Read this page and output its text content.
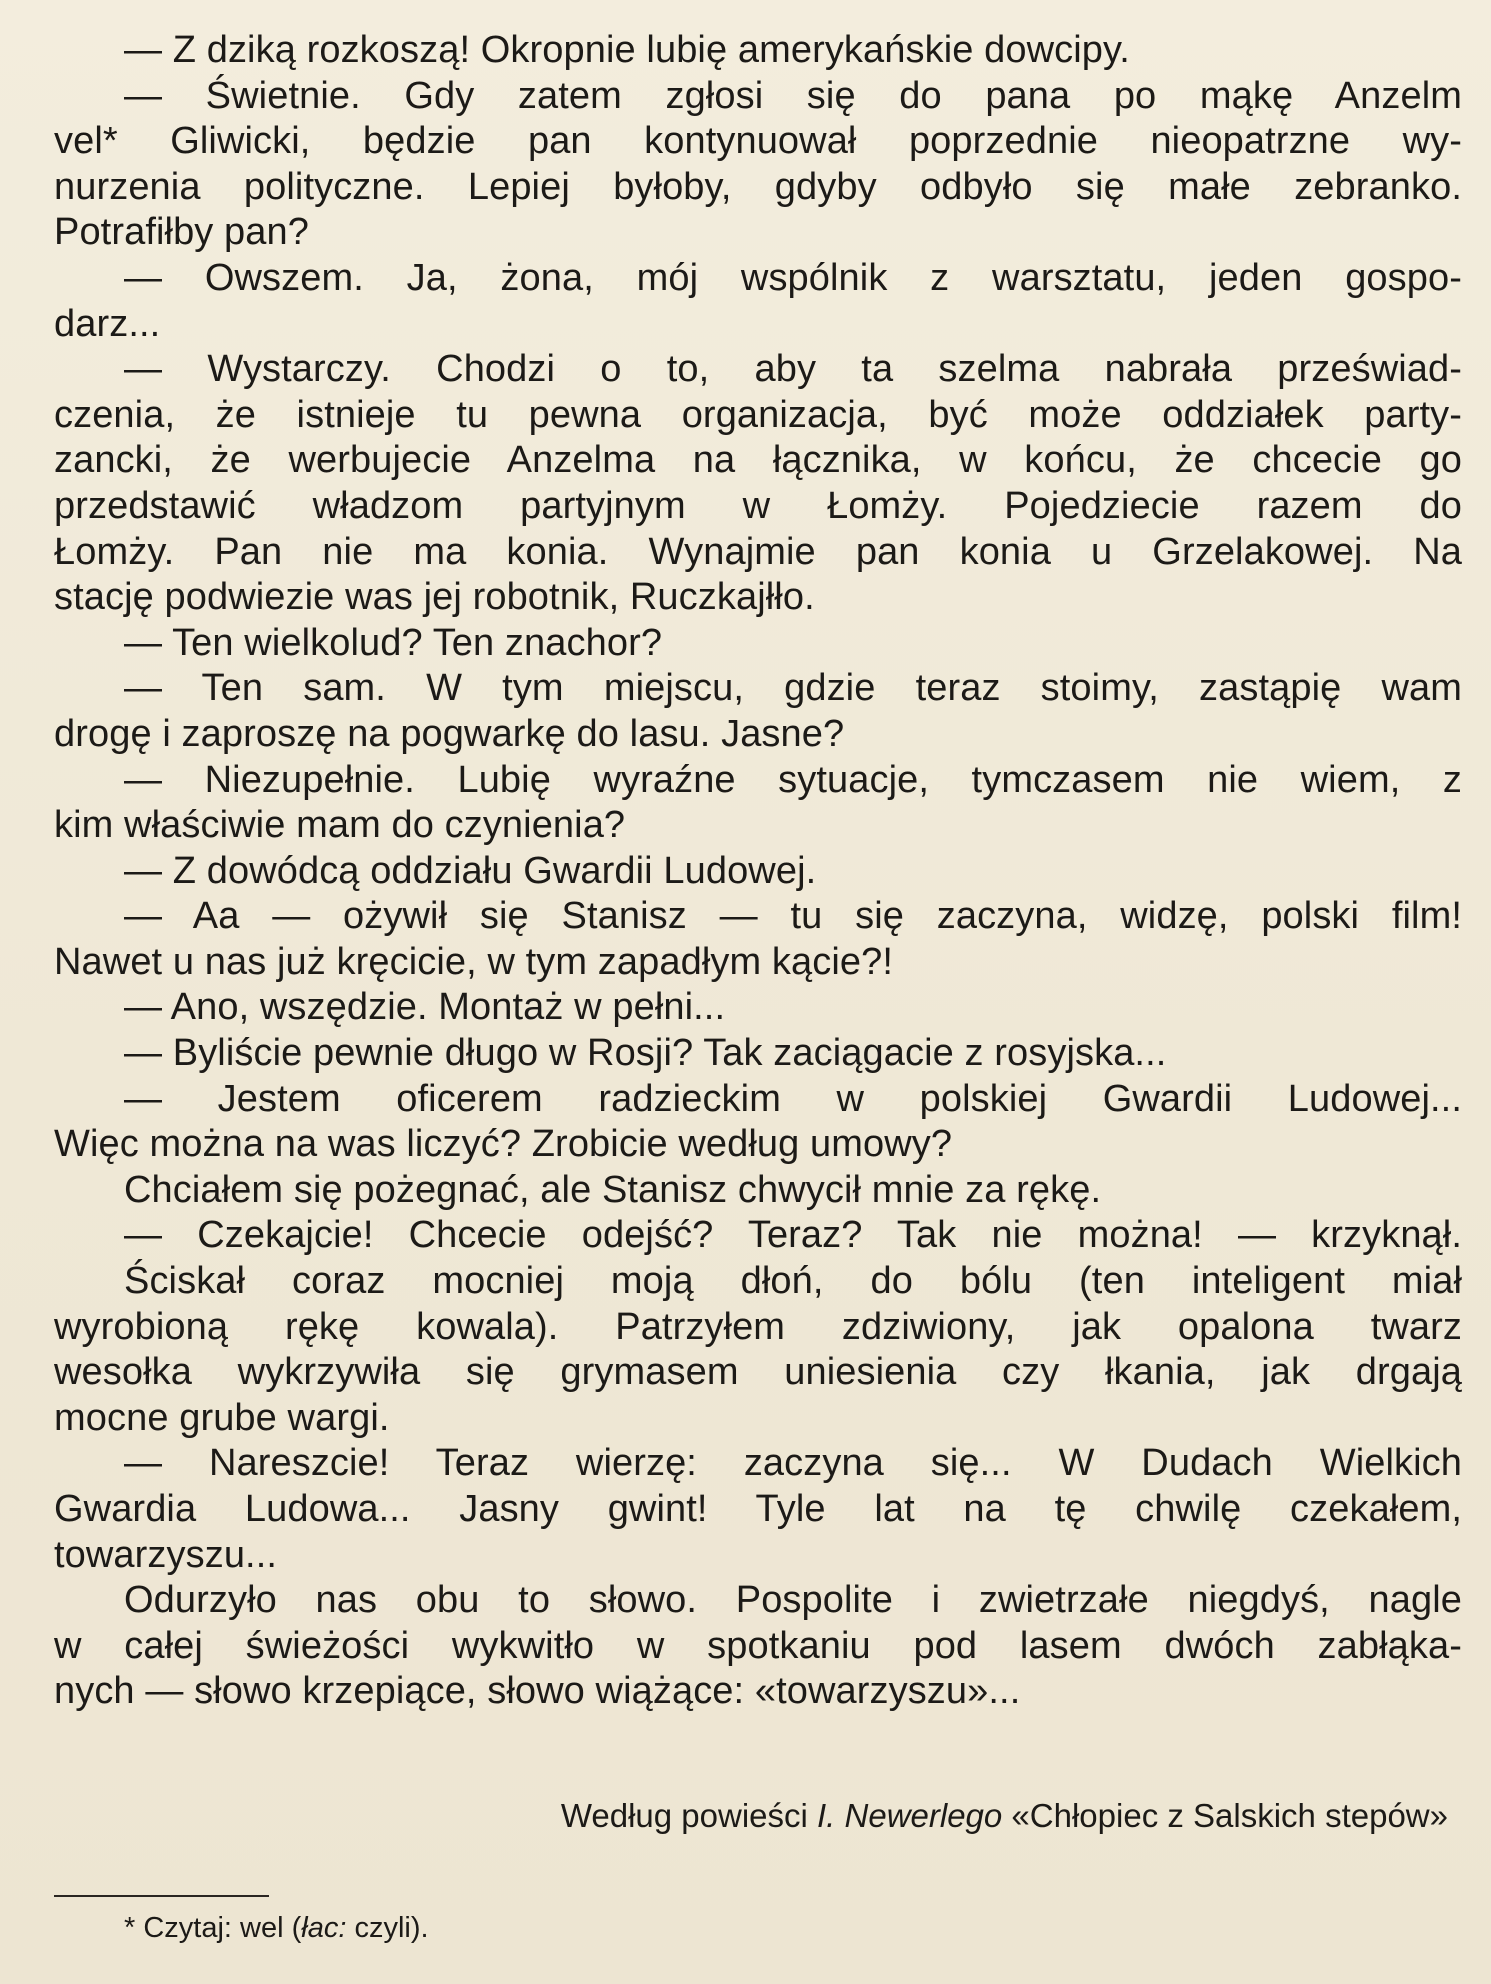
— Z dziką rozkoszą! Okropnie lubię amerykańskie dowcipy.
— Świetnie. Gdy zatem zgłosi się do pana po mąkę Anzelm
vel* Gliwicki, będzie pan kontynuował poprzednie nieopatrzne wy-
nurzenia polityczne. Lepiej byłoby, gdyby odbyło się małe zebranko.
Potrafiłby pan?
— Owszem. Ja, żona, mój wspólnik z warsztatu, jeden gospo-
darz...
— Wystarczy. Chodzi o to, aby ta szelma nabrała przeświad-
czenia, że istnieje tu pewna organizacja, być może oddziałek party-
zancki, że werbujecie Anzelma na łącznika, w końcu, że chcecie go
przedstawić władzom partyjnym w Łomży. Pojedziecie razem do
Łomży. Pan nie ma konia. Wynajmie pan konia u Grzelakowej. Na
stację podwiezie was jej robotnik, Ruczkajłło.
— Ten wielkolud? Ten znachor?
— Ten sam. W tym miejscu, gdzie teraz stoimy, zastąpię wam
drogę i zaproszę na pogwarkę do lasu. Jasne?
— Niezupełnie. Lubię wyraźne sytuacje, tymczasem nie wiem, z
kim właściwie mam do czynienia?
— Z dowódcą oddziału Gwardii Ludowej.
— Aa — ożywił się Stanisz — tu się zaczyna, widzę, polski film!
Nawet u nas już kręcicie, w tym zapadłym kącie?!
— Ano, wszędzie. Montaż w pełni...
— Byliście pewnie długo w Rosji? Tak zaciągacie z rosyjska...
— Jestem oficerem radzieckim w polskiej Gwardii Ludowej...
Więc można na was liczyć? Zrobicie według umowy?
Chciałem się pożegnać, ale Stanisz chwycił mnie za rękę.
— Czekajcie! Chcecie odejść? Teraz? Tak nie można! — krzyknął.
Ściskał coraz mocniej moją dłoń, do bólu (ten inteligent miał
wyrobioną rękę kowala). Patrzyłem zdziwiony, jak opalona twarz
wesołka wykrzywiła się grymasem uniesienia czy łkania, jak drgają
mocne grube wargi.
— Nareszcie! Teraz wierzę: zaczyna się... W Dudach Wielkich
Gwardia Ludowa... Jasny gwint! Tyle lat na tę chwilę czekałem,
towarzyszu...
Odurzyło nas obu to słowo. Pospolite i zwietrzałe niegdyś, nagle
w całej świeżości wykwitło w spotkaniu pod lasem dwóch zabłąka-
nych — słowo krzepiące, słowo wiążące: «towarzyszu»...
Według powieści I. Newerlego «Chłopiec z Salskich stepów»
* Czytaj: wel (łac: czyli).
